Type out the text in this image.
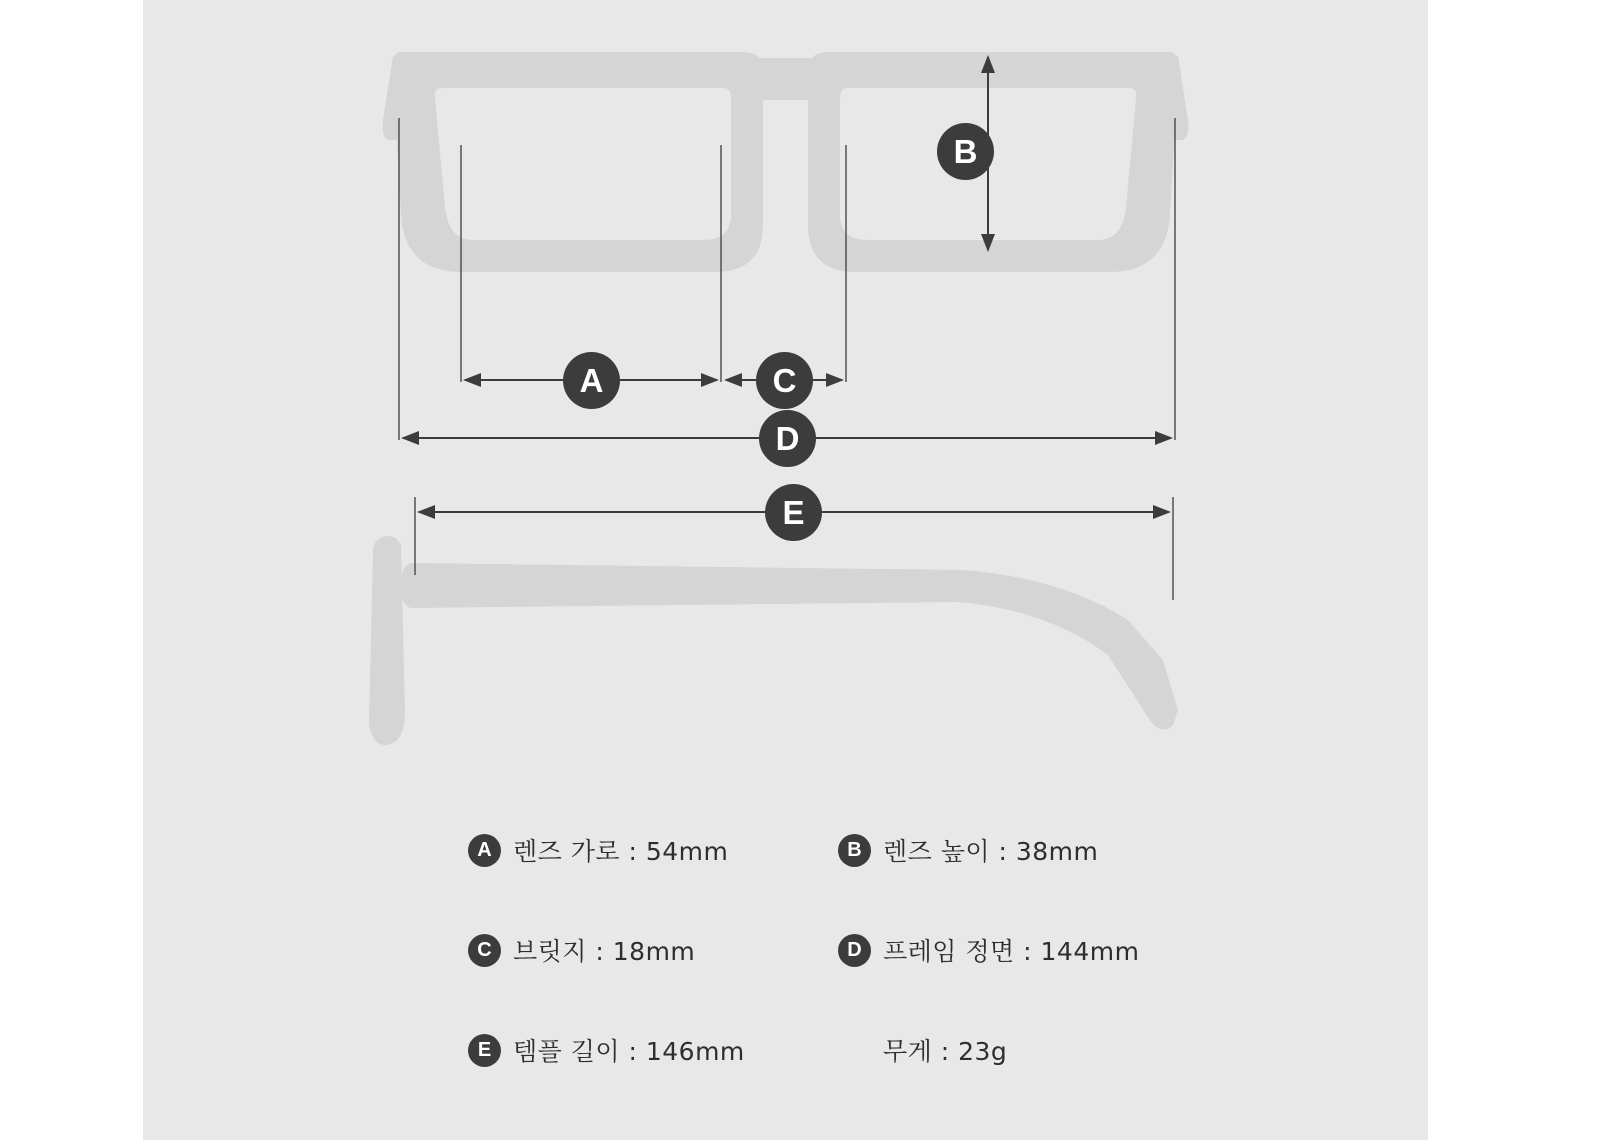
B
A	C
D
E
A 렌즈 가로 : 54mm	B 렌즈 높이 : 38mm
C 브릿지 : 18mm	D 프레임 정면 : 144mm
E 템플 길이 : 146mm	무게 : 23g
